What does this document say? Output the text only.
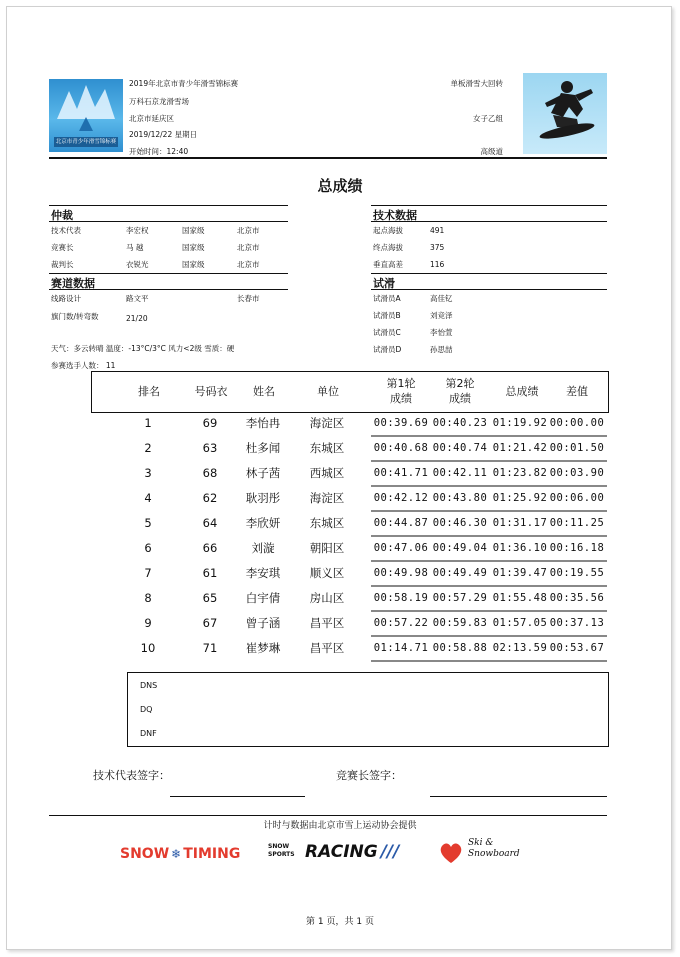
北京市青少年滑雪锦标赛
2019年北京市青少年滑雪锦标赛
万科石京龙滑雪场
北京市延庆区
2019/12/22 星期日
开始时间：12:40
单板滑雪大回转
女子乙组
高级道
总成绩
仲裁
技术代表	李宏权	国家级	北京市
竞赛长	马 越	国家级	北京市
裁判长	衣锐光	国家级	北京市
技术数据
起点海拔	491
终点海拔	375
垂直高差	116
赛道数据
线路设计	路文平	长春市
旗门数/转弯数	21/20
试滑
试滑员A	高佳钇
试滑员B	刘竞泽
试滑员C	李怡萱
试滑员D	孙思喆
天气：多云转晴 温度：-13°C/3°C 风力<2级 雪质：硬
参赛选手人数： 11
排名	号码衣	姓名	单位
第1轮
成绩
第2轮
成绩
总成绩	差值
1	69	李怡冉	海淀区	00:39.69 00:40.23 01:19.92 00:00.00
2	63	杜多闻	东城区	00:40.68 00:40.74 01:21.42 00:01.50
3	68	林子茜	西城区	00:41.71 00:42.11 01:23.82 00:03.90
4	62	耿羽彤	海淀区	00:42.12 00:43.80 01:25.92 00:06.00
5	64	李欣妍	东城区	00:44.87 00:46.30 01:31.17 00:11.25
6	66	刘漩	朝阳区	00:47.06 00:49.04 01:36.10 00:16.18
7	61	李安琪	顺义区	00:49.98 00:49.49 01:39.47 00:19.55
8	65	白宇倩	房山区	00:58.19 00:57.29 01:55.48 00:35.56
9	67	曾子涵	昌平区	00:57.22 00:59.83 01:57.05 00:37.13
10	71	崔梦琳	昌平区	01:14.71 00:58.88 02:13.59 00:53.67
DNS
DQ
DNF
技术代表签字：	竞赛长签字：
计时与数据由北京市雪上运动协会提供
SNOW ❄ TIMING	SNOW
SPORTS RACING ///	Ski &
Snowboard
第 1 页，共 1 页
